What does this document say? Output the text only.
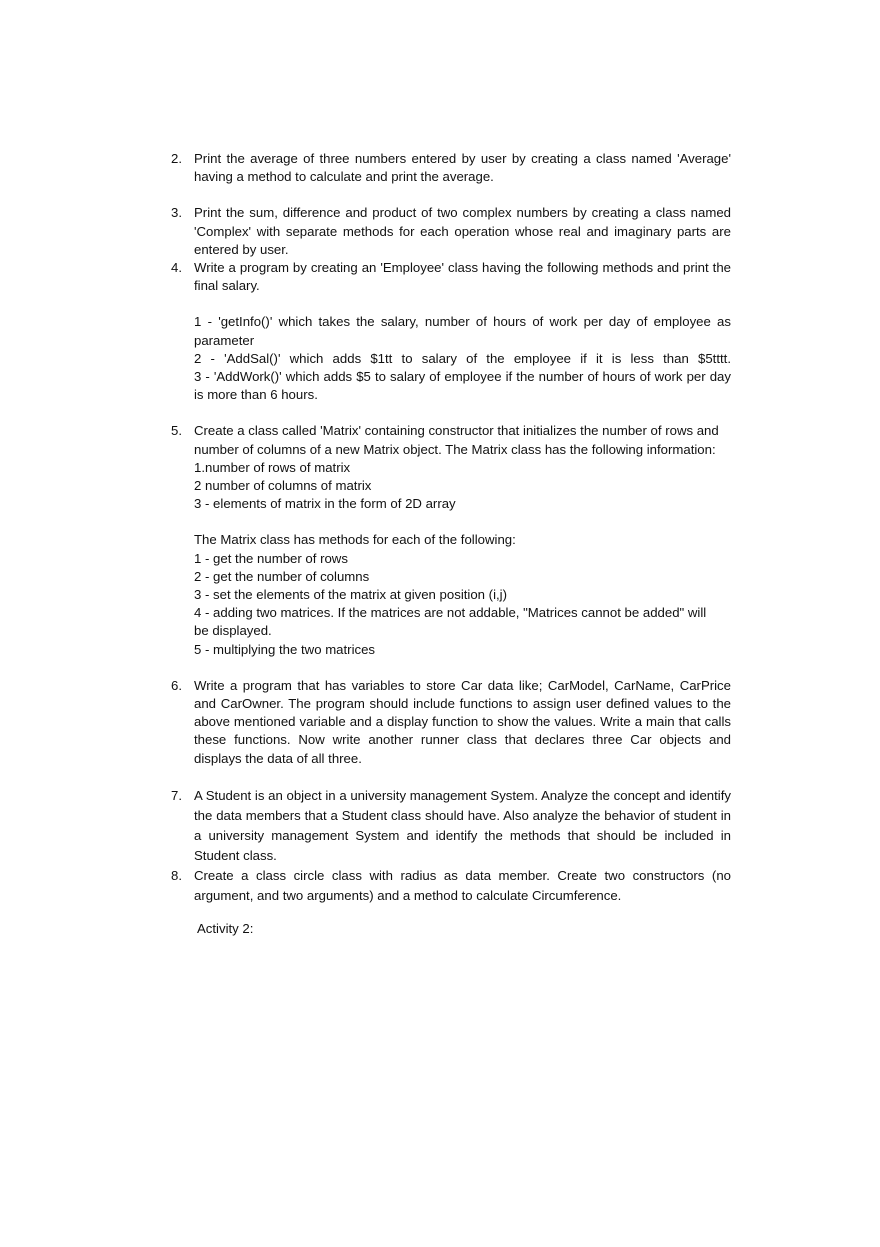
2. Print the average of three numbers entered by user by creating a class named 'Average' having a method to calculate and print the average.
3. Print the sum, difference and product of two complex numbers by creating a class named 'Complex' with separate methods for each operation whose real and imaginary parts are entered by user.
4. Write a program by creating an 'Employee' class having the following methods and print the final salary.

1 - 'getInfo()' which takes the salary, number of hours of work per day of employee as parameter

2 - 'AddSal()' which adds $1tt to salary of the employee if it is less than $5tttt.

3 - 'AddWork()' which adds $5 to salary of employee if the number of hours of work per day is more than 6 hours.

5. Create a class called 'Matrix' containing constructor that initializes the number of rows and number of columns of a new Matrix object. The Matrix class has the following information:

1.number of rows of matrix

2 number of columns of matrix

3 - elements of matrix in the form of 2D array

The Matrix class has methods for each of the following:

1 - get the number of rows

2 - get the number of columns

3 - set the elements of the matrix at given position (i,j)

4 - adding two matrices. If the matrices are not addable, "Matrices cannot be added" will be displayed.

5 - multiplying the two matrices

6. Write a program that has variables to store Car data like; CarModel, CarName, CarPrice and CarOwner. The program should include functions to assign user defined values to the above mentioned variable and a display function to show the values. Write a main that calls these functions. Now write another runner class that declares three Car objects and displays the data of all three.
7. A Student is an object in a university management System. Analyze the concept and identify the data members that a Student class should have. Also analyze the behavior of student in a university management System and identify the methods that should be included in Student class.
8. Create a class circle class with radius as data member. Create two constructors (no argument, and two arguments) and a method to calculate Circumference.

Activity 2:
